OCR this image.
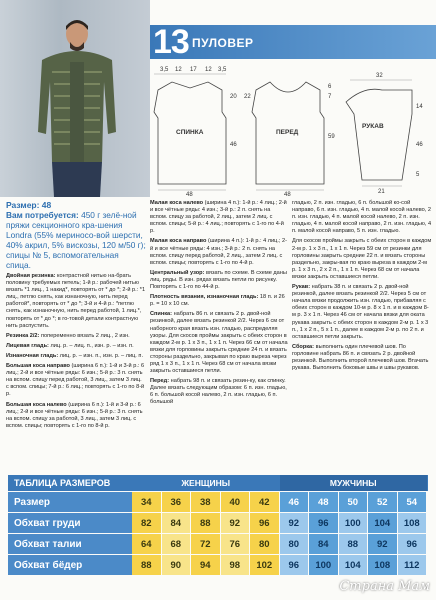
13 ПУЛОВЕР
3,5 12 17 12 3,5
20
46
СПИНКА
48
22
59
7
6
ПЕРЕД
48
32
14
46
5
РУКАВ
21
Размер: 48
Вам потребуется: 450 г зелё-ной пряжи секционного кра-шения Londra (55% мериносо-вой шерсти, 40% акрил, 5% вискозы, 120 м/50 г); спицы № 5, вспомогательная спица.
Двойная резинка: контрастной нитью на-брать половину требуемых петель; 1-й р.: рабочей нитью вязать *1 лиц., 1 накид*, повторять от * до *; 2-й р.: *1 лиц., петлю снять, как изнаночную, нить перед работой*, повторять от * до *; 3-й и 4-й р.: *петлю снять, как изнаночную, нить перед работой, 1 лиц.*, повторять от * до *; в го-товой детали контрастную нить распустить.
Резинка 2/2: попеременно вязать 2 лиц., 2 изн.
Лицевая гладь: лиц. р. – лиц. п., изн. р. – изн. п.
Изнаночная гладь: лиц. р. – изн. п., изн. р. – лиц. п.
Большая коса направо (ширина 6 п.): 1-й и 3-й р.: 6 лиц.; 2-й и все чётные ряды: 6 изн.; 5-й р.: 3 п. снять на вспом. спицу перед работой, 3 лиц., затем 3 лиц. с вспом. спицы; 7-й р.: 6 лиц.; повторять с 1-го по 8-й р.
Большая коса налево (ширина 6 п.): 1-й и 3-й р.: 6 лиц.; 2-й и все чётные ряды: 6 изн.; 5-й р.: 3 п. снять на вспом. спицу за работой, 3 лиц., затем 3 лиц. с вспом. спицы; повторять с 1-го по 8-й р.
Малая коса налево (ширина 4 п.): 1-й р.: 4 лиц.; 2-й и все чётные ряды: 4 изн.; 3-й р.: 2 п. снять на вспом. спицу за работой, 2 лиц., затем 2 лиц. с вспом. спицы; 5-й р.: 4 лиц.; повторять с 1-го по 4-й р.
Малая коса направо (ширина 4 п.): 1-й р.: 4 лиц.; 2-й и все чётные ряды: 4 изн.; 3-й р.: 2 п. снять на вспом. спицу перед работой, 2 лиц., затем 2 лиц. с вспом. спицы; повторять с 1-го по 4-й р.
Центральный узор: вязать по схеме. В схеме даны лиц. ряды. В изн. рядах вязать петли по рисунку. Повторять с 1-го по 44-й р.
Плотность вязания, изнаночная гладь: 18 п. и 26 р. = 10 х 10 см.
Спинка: набрать 86 п. и связать 2 р. двой-ной резинкой, далее вязать резинкой 2/2. Через 6 см от наборного края вязать изн. гладью, распределяя узоры. Для скосов проймы закрыть с обеих сторон в каждом 2-м р. 1 х 3 п., 1 х 1 п. Через 66 см от начала вязки для горловины закрыть средние 24 п. и вязать стороны раздельно, закрывая по краю выреза через ряд 1 х 3 п., 1 х 1 п. Через 68 см от начала вязки закрыть оставшиеся петли.
Перед: набрать 98 п. и связать резин-ку, как спинку. Далее вязать следующим образом: 6 п. изн. гладью, 6 п. большой косой налево, 2 п. изн. гладью, 6 п. большой
гладью, 2 п. изн. гладью, 6 п. большой ко-сой направо, 6 п. изн. гладью, 4 п. малой косой налево, 2 п. изн. гладью, 4 п. малой косой налево, 2 п. изн. гладью, 4 п. малой косой направо, 2 п. изн. гладью, 4 п. малой косой направо, 5 п. изн. гладью.
Для скосов проймы закрыть с обеих сторон в каждом 2-м р. 1 х 3 п., 1 х 1 п. Через 59 см от резинки для горловины закрыть средние 22 п. и вязать стороны раздельно, закры-вая по краю выреза в каждом 2-м р. 1 х 3 п., 2 х 2 п., 1 х 1 п. Через 68 см от начала вязки закрыть оставшиеся петли.
Рукав: набрать 38 п. и связать 2 р. двой-ной резинкой, далее вязать резинкой 2/2. Через 5 см от начала вязки продолжить изн. гладью, прибавляя с обеих сторон в каждом 10-м р. 8 х 1 п. и в каждом 8-м р. 3 х 1 п. Через 46 см от начала вязки для окатa рукава закрыть с обеих сторон в каждом 2-м р. 1 х 3 п., 1 х 2 п., 5 х 1 п., далее в каждом 2-м р. по 2 п. и оставшиеся петли закрыть.
Сборка: выполнить один плечевой шов. По горловине набрать 86 п. и связать 2 р. двойной резинкой. Выполнить второй плечевой шов. Втачать рукава. Выполнить боковые швы и швы рукавов.
ТАБЛИЦА РАЗМЕРОВ	ЖЕНЩИНЫ	МУЖЧИНЫ
Размер	34	36	38	40	42	46	48	50	52	54
Обхват груди	82	84	88	92	96	92	96	100	104	108
Обхват талии	64	68	72	76	80	80	84	88	92	96
Обхват бёдер	88	90	94	98	102	96	100	104	108	112
Страна Мам
